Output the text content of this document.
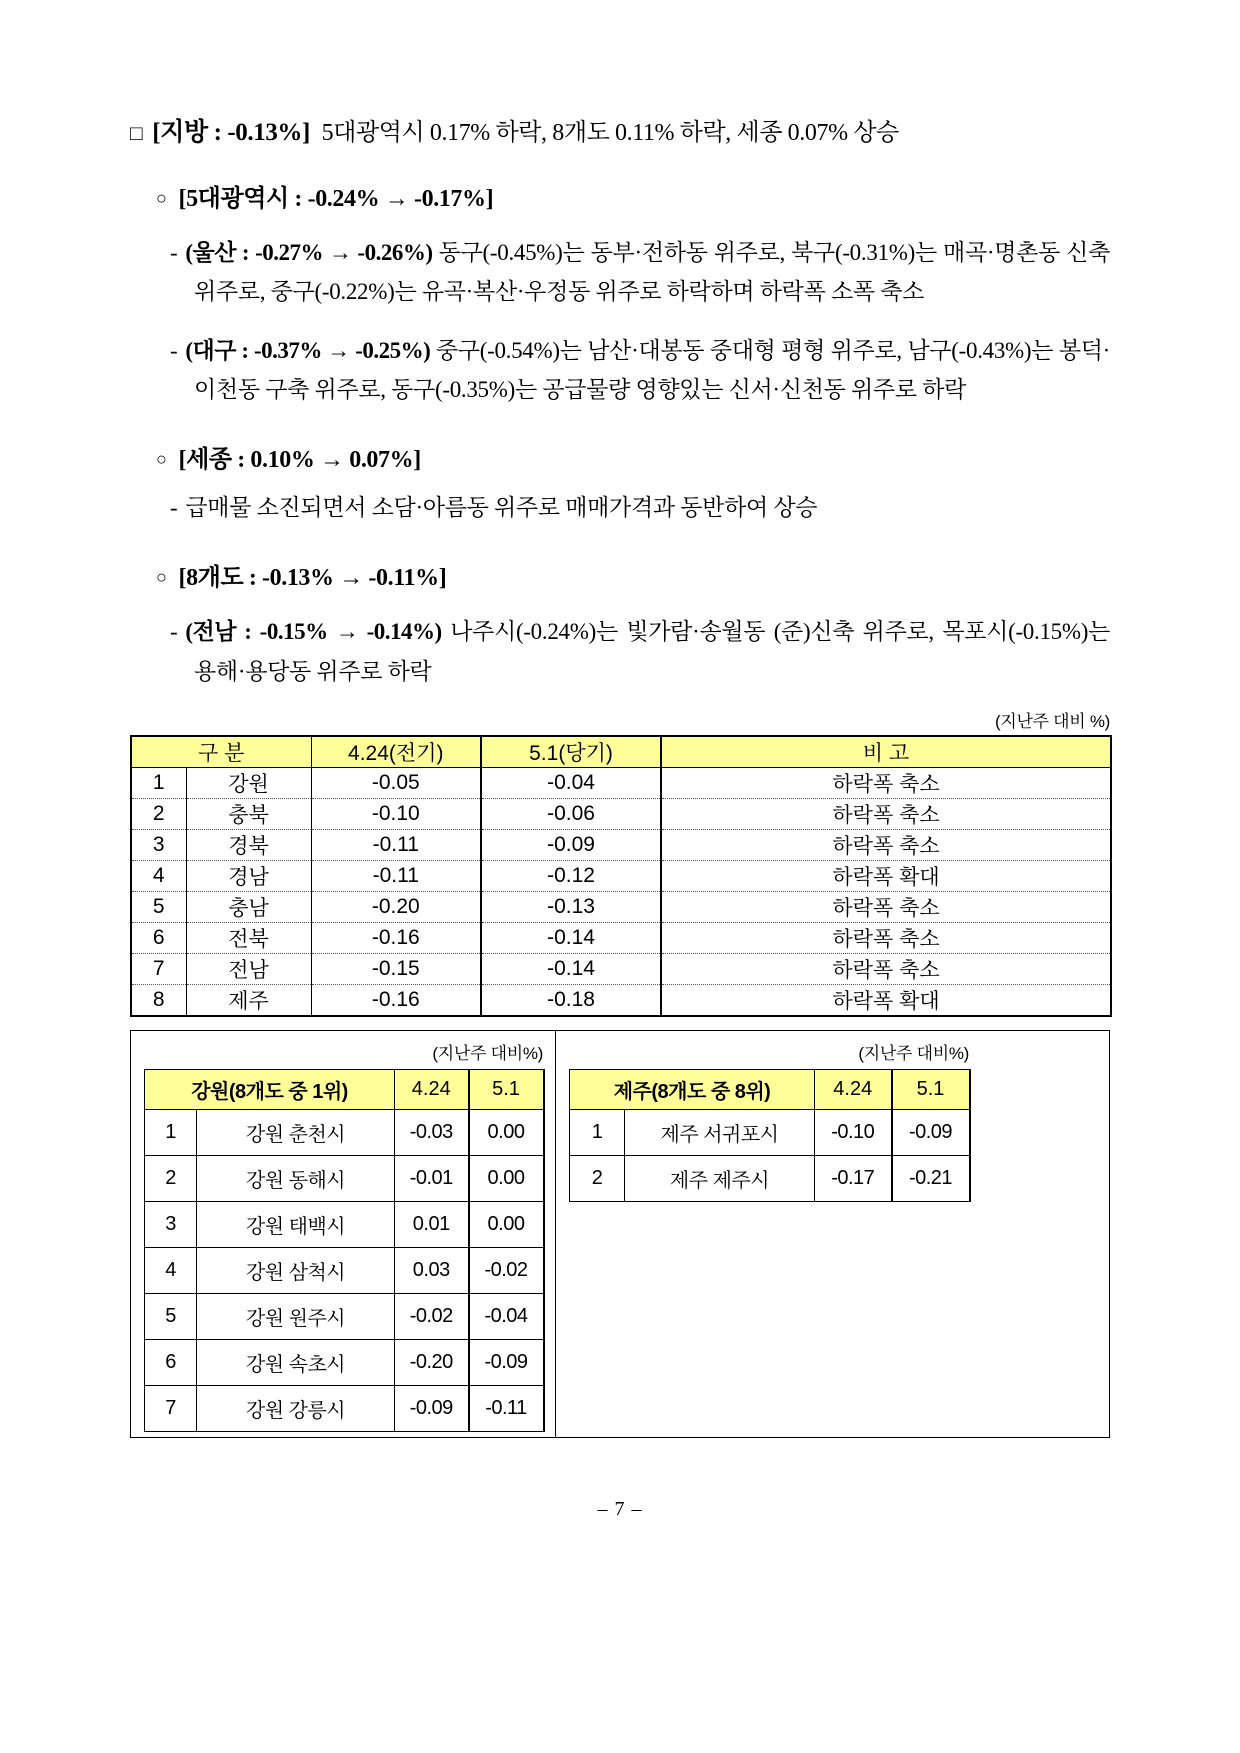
□ [지방 : -0.13%] 5대광역시 0.17% 하락, 8개도 0.11% 하락, 세종 0.07% 상승
○ [5대광역시 : -0.24% → -0.17%]
- (울산 : -0.27% → -0.26%) 동구(-0.45%)는 동부·전하동 위주로, 북구(-0.31%)는 매곡·명촌동 신축 위주로, 중구(-0.22%)는 유곡·복산·우정동 위주로 하락하며 하락폭 소폭 축소
- (대구 : -0.37% → -0.25%) 중구(-0.54%)는 남산·대봉동 중대형 평형 위주로, 남구(-0.43%)는 봉덕·이천동 구축 위주로, 동구(-0.35%)는 공급물량 영향있는 신서·신천동 위주로 하락
○ [세종 : 0.10% → 0.07%]
- 급매물 소진되면서 소담·아름동 위주로 매매가격과 동반하여 상승
○ [8개도 : -0.13% → -0.11%]
- (전남 : -0.15% → -0.14%) 나주시(-0.24%)는 빛가람·송월동 (준)신축 위주로, 목포시(-0.15%)는 용해·용당동 위주로 하락
(지난주 대비 %)
구 분		4.24(전기)	5.1(당기)	비 고
1	강원	-0.05	-0.04	하락폭 축소
2	충북	-0.10	-0.06	하락폭 축소
3	경북	-0.11	-0.09	하락폭 축소
4	경남	-0.11	-0.12	하락폭 확대
5	충남	-0.20	-0.13	하락폭 축소
6	전북	-0.16	-0.14	하락폭 축소
7	전남	-0.15	-0.14	하락폭 축소
8	제주	-0.16	-0.18	하락폭 확대
(지난주 대비%)
강원(8개도 중 1위)		4.24	5.1
1	강원 춘천시	-0.03	0.00
2	강원 동해시	-0.01	0.00
3	강원 태백시	0.01	0.00
4	강원 삼척시	0.03	-0.02
5	강원 원주시	-0.02	-0.04
6	강원 속초시	-0.20	-0.09
7	강원 강릉시	-0.09	-0.11
(지난주 대비%)
제주(8개도 중 8위)		4.24	5.1
1	제주 서귀포시	-0.10	-0.09
2	제주 제주시	-0.17	-0.21
– 7 –
